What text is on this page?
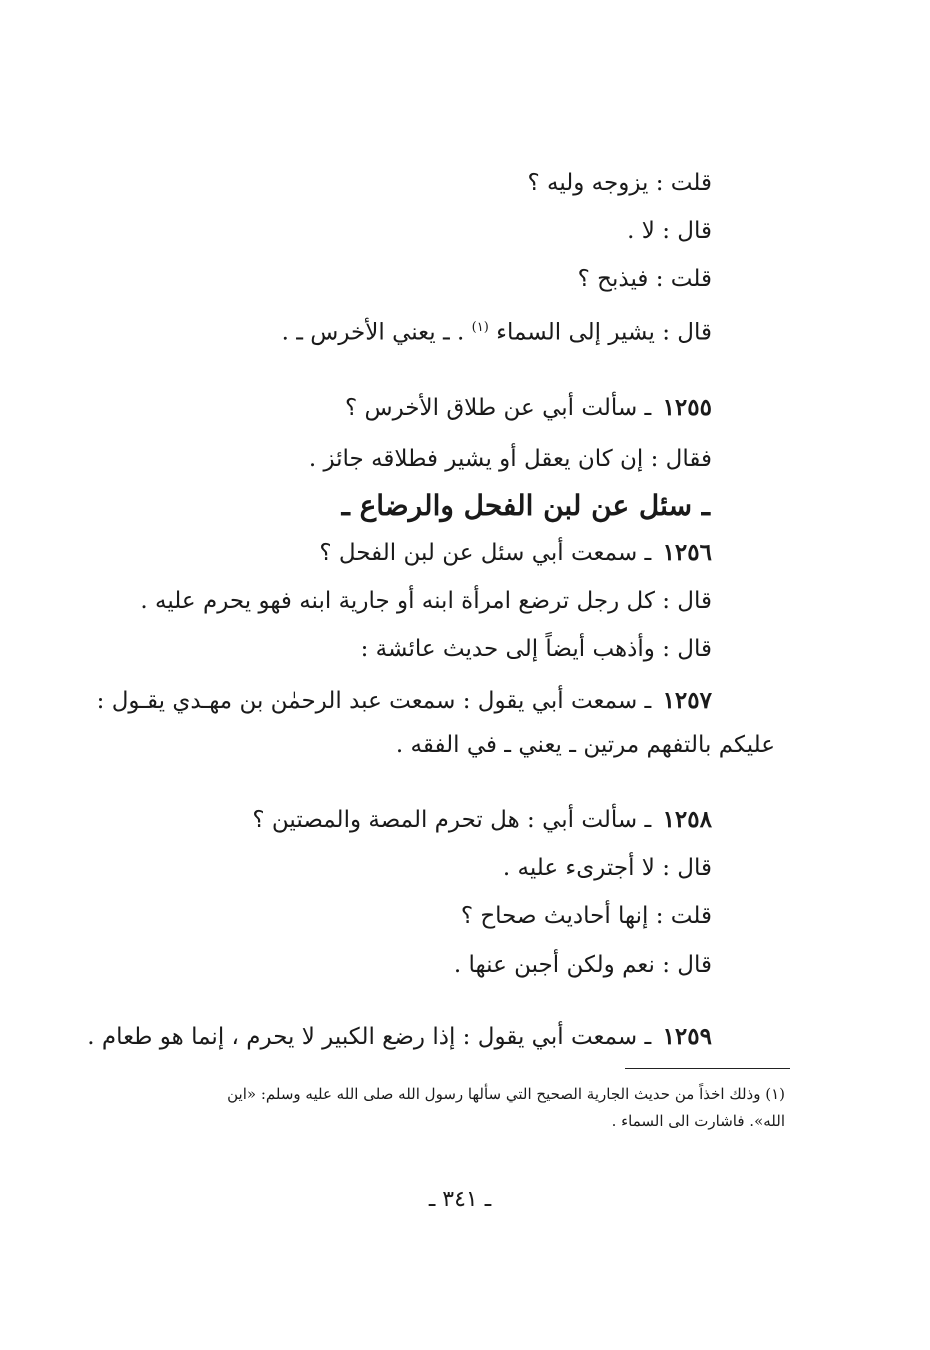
قلت : يزوجه وليه ؟
قال : لا .
قلت : فيذبح ؟
قال : يشير إلى السماء $^{(١)}$ . ـ يعني الأخرس ـ .
١٢٥٥ ـ سألت أبي عن طلاق الأخرس ؟
فقال : إن كان يعقل أو يشير فطلاقه جائز .
ـ سئل عن لبن الفحل والرضاع ـ
١٢٥٦ ـ سمعت أبي سئل عن لبن الفحل ؟
قال : كل رجل ترضع امرأة ابنه أو جارية ابنه فهو يحرم عليه .
قال : وأذهب أيضاً إلى حديث عائشة :
١٢٥٧ ـ سمعت أبي يقول : سمعت عبد الرحمٰن بن مهـدي يقـول :
عليكم بالتفهم مرتين ـ يعني ـ في الفقه .
١٢٥٨ ـ سألت أبي : هل تحرم المصة والمصتين ؟
قال : لا أجترىء عليه .
قلت : إنها أحاديث صحاح ؟
قال : نعم ولكن أجبن عنها .
١٢٥٩ ـ سمعت أبي يقول : إذا رضع الكبير لا يحرم ، إنما هو طعام .
(١) وذلك اخذاً من حديث الجارية الصحيح التي سألها رسول الله صلى الله عليه وسلم: «اين
الله». فاشارت الى السماء .
ـ ٣٤١ ـ
